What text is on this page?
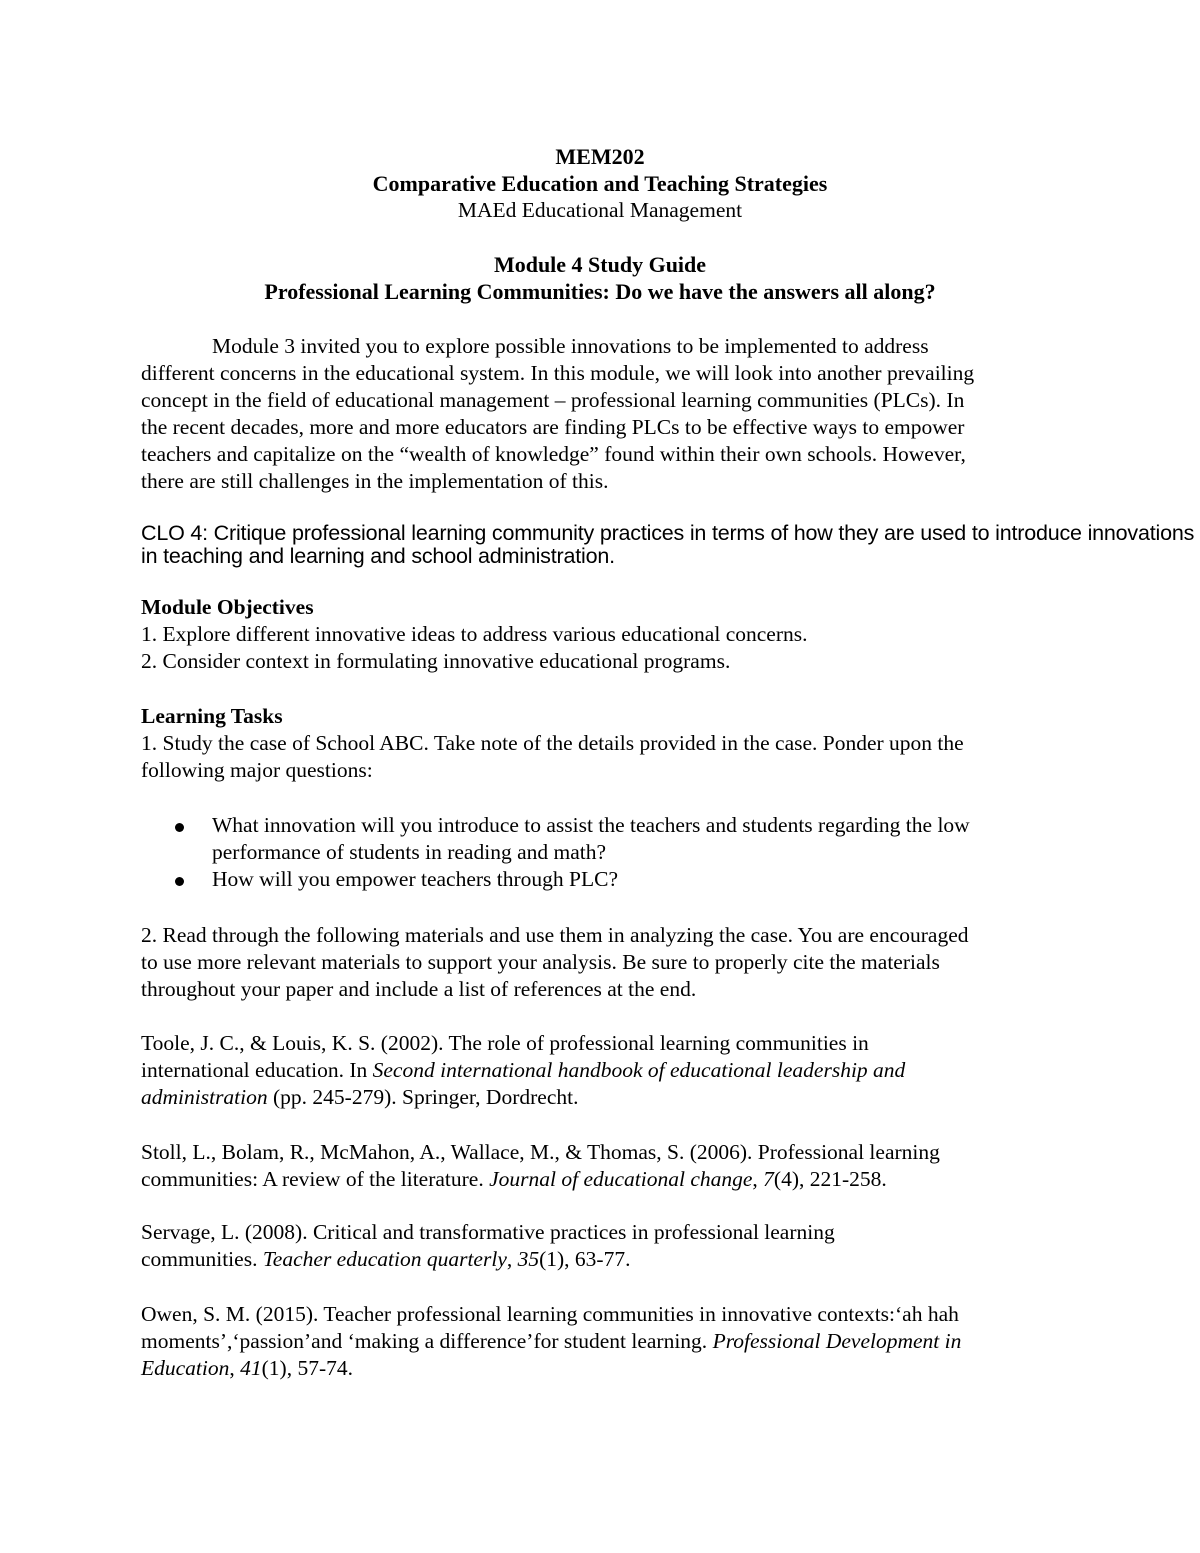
MEM202

Comparative Education and Teaching Strategies

MAEd Educational Management

Module 4 Study Guide

Professional Learning Communities: Do we have the answers all along?

Module 3 invited you to explore possible innovations to be implemented to address
different concerns in the educational system. In this module, we will look into another prevailing
concept in the field of educational management – professional learning communities (PLCs). In
the recent decades, more and more educators are finding PLCs to be effective ways to empower
teachers and capitalize on the “wealth of knowledge” found within their own schools. However,
there are still challenges in the implementation of this.
CLO 4: Critique professional learning community practices in terms of how they are used to introduce innovations
in teaching and learning and school administration.
Module Objectives
1. Explore different innovative ideas to address various educational concerns.
2. Consider context in formulating innovative educational programs.
Learning Tasks
1. Study the case of School ABC. Take note of the details provided in the case. Ponder upon the
following major questions:
What innovation will you introduce to assist the teachers and students regarding the low
performance of students in reading and math?
How will you empower teachers through PLC?
2. Read through the following materials and use them in analyzing the case. You are encouraged
to use more relevant materials to support your analysis. Be sure to properly cite the materials
throughout your paper and include a list of references at the end.
Toole, J. C., & Louis, K. S. (2002). The role of professional learning communities in
international education. In Second international handbook of educational leadership and
administration (pp. 245-279). Springer, Dordrecht.
Stoll, L., Bolam, R., McMahon, A., Wallace, M., & Thomas, S. (2006). Professional learning
communities: A review of the literature. Journal of educational change, 7(4), 221-258.
Servage, L. (2008). Critical and transformative practices in professional learning
communities. Teacher education quarterly, 35(1), 63-77.
Owen, S. M. (2015). Teacher professional learning communities in innovative contexts:‘ah hah
moments’,‘passion’and ‘making a difference’for student learning. Professional Development in
Education, 41(1), 57-74.
